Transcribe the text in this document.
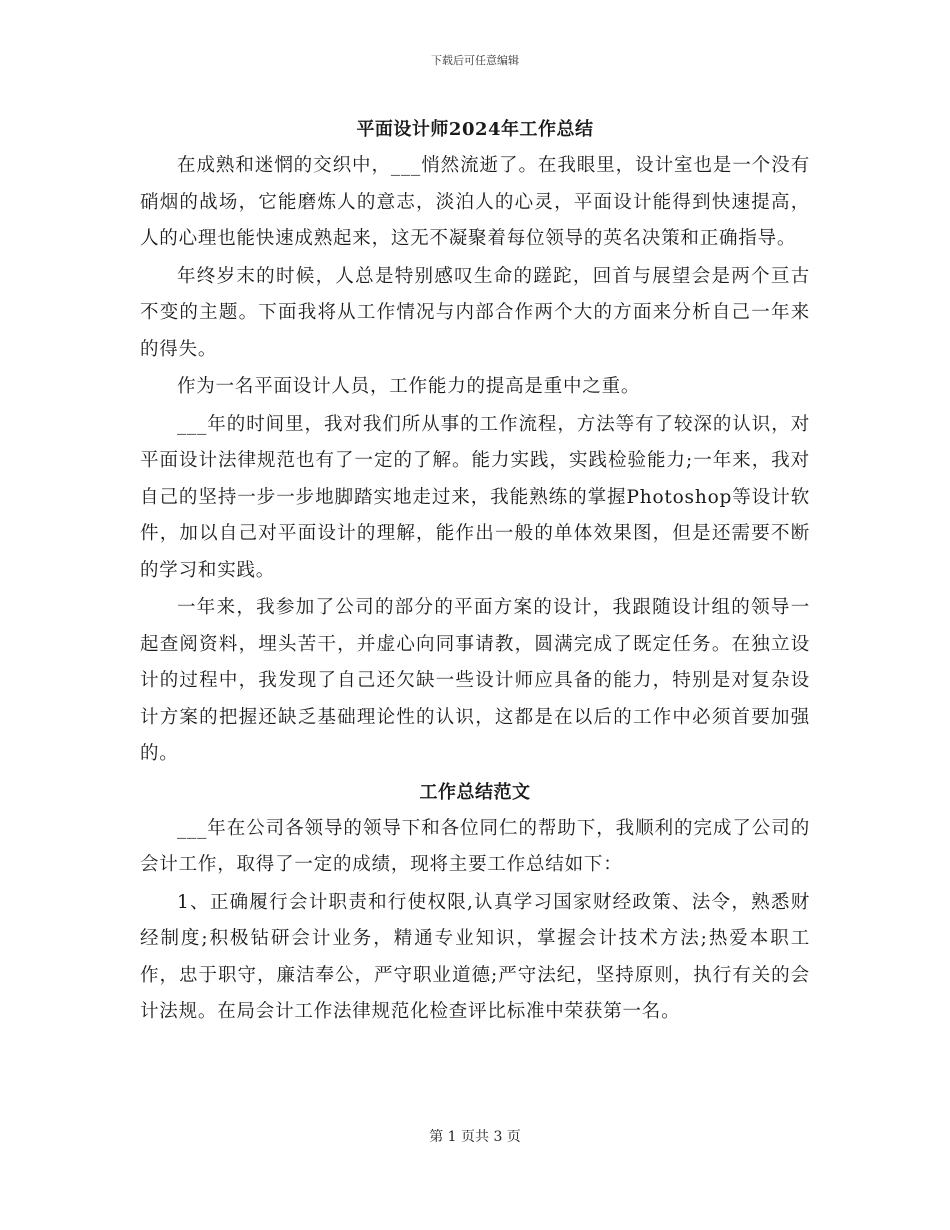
下载后可任意编辑
平面设计师2024年工作总结

在成熟和迷惘的交织中，___悄然流逝了。在我眼里，设计室也是一个没有硝烟的战场，它能磨炼人的意志，淡泊人的心灵，平面设计能得到快速提高，人的心理也能快速成熟起来，这无不凝聚着每位领导的英名决策和正确指导。

年终岁末的时候，人总是特别感叹生命的蹉跎，回首与展望会是两个亘古不变的主题。下面我将从工作情况与内部合作两个大的方面来分析自己一年来的得失。

作为一名平面设计人员，工作能力的提高是重中之重。

___年的时间里，我对我们所从事的工作流程，方法等有了较深的认识，对平面设计法律规范也有了一定的了解。能力实践，实践检验能力;一年来，我对自己的坚持一步一步地脚踏实地走过来，我能熟练的掌握Photoshop等设计软件，加以自己对平面设计的理解，能作出一般的单体效果图，但是还需要不断的学习和实践。

一年来，我参加了公司的部分的平面方案的设计，我跟随设计组的领导一起查阅资料，埋头苦干，并虚心向同事请教，圆满完成了既定任务。在独立设计的过程中，我发现了自己还欠缺一些设计师应具备的能力，特别是对复杂设计方案的把握还缺乏基础理论性的认识，这都是在以后的工作中必须首要加强的。

工作总结范文

___年在公司各领导的领导下和各位同仁的帮助下，我顺利的完成了公司的会计工作，取得了一定的成绩，现将主要工作总结如下：

1、正确履行会计职责和行使权限,认真学习国家财经政策、法令，熟悉财经制度;积极钻研会计业务，精通专业知识，掌握会计技术方法;热爱本职工作，忠于职守，廉洁奉公，严守职业道德;严守法纪，坚持原则，执行有关的会计法规。在局会计工作法律规范化检查评比标准中荣获第一名。

第 1 页共 3 页
